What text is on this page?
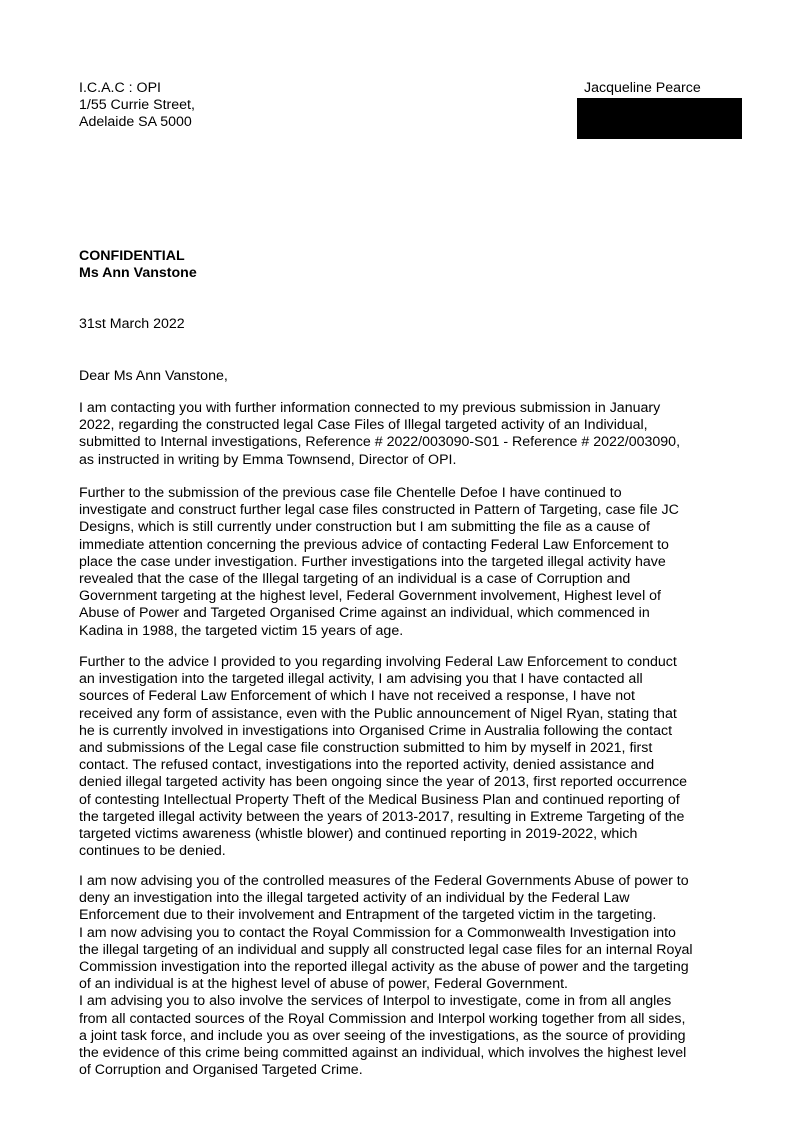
I.C.A.C : OPI
1/55 Currie Street,
Adelaide SA 5000
Jacqueline Pearce
CONFIDENTIAL
Ms Ann Vanstone
31st March 2022
Dear Ms Ann Vanstone,
I am contacting you with further information connected to my previous submission in January
2022, regarding the constructed legal Case Files of Illegal targeted activity of an Individual,
submitted to Internal investigations, Reference # 2022/003090-S01 - Reference # 2022/003090,
as instructed in writing by Emma Townsend, Director of OPI.
Further to the submission of the previous case file Chentelle Defoe I have continued to
investigate and construct further legal case files constructed in Pattern of Targeting, case file JC
Designs, which is still currently under construction but I am submitting the file as a cause of
immediate attention concerning the previous advice of contacting Federal Law Enforcement to
place the case under investigation. Further investigations into the targeted illegal activity have
revealed that the case of the Illegal targeting of an individual is a case of Corruption and
Government targeting at the highest level, Federal Government involvement, Highest level of
Abuse of Power and Targeted Organised Crime against an individual, which commenced in
Kadina in 1988, the targeted victim 15 years of age.
Further to the advice I provided to you regarding involving Federal Law Enforcement to conduct
an investigation into the targeted illegal activity, I am advising you that I have contacted all
sources of Federal Law Enforcement of which I have not received a response, I have not
received any form of assistance, even with the Public announcement of Nigel Ryan, stating that
he is currently involved in investigations into Organised Crime in Australia following the contact
and submissions of the Legal case file construction submitted to him by myself in 2021, first
contact. The refused contact, investigations into the reported activity, denied assistance and
denied illegal targeted activity has been ongoing since the year of 2013, first reported occurrence
of contesting Intellectual Property Theft of the Medical Business Plan and continued reporting of
the targeted illegal activity between the years of 2013-2017, resulting in Extreme Targeting of the
targeted victims awareness (whistle blower) and continued reporting in 2019-2022, which
continues to be denied.
I am now advising you of the controlled measures of the Federal Governments Abuse of power to
deny an investigation into the illegal targeted activity of an individual by the Federal Law
Enforcement due to their involvement and Entrapment of the targeted victim in the targeting.
I am now advising you to contact the Royal Commission for a Commonwealth Investigation into
the illegal targeting of an individual and supply all constructed legal case files for an internal Royal
Commission investigation into the reported illegal activity as the abuse of power and the targeting
of an individual is at the highest level of abuse of power, Federal Government.
I am advising you to also involve the services of Interpol to investigate, come in from all angles
from all contacted sources of the Royal Commission and Interpol working together from all sides,
a joint task force, and include you as over seeing of the investigations, as the source of providing
the evidence of this crime being committed against an individual, which involves the highest level
of Corruption and Organised Targeted Crime.
